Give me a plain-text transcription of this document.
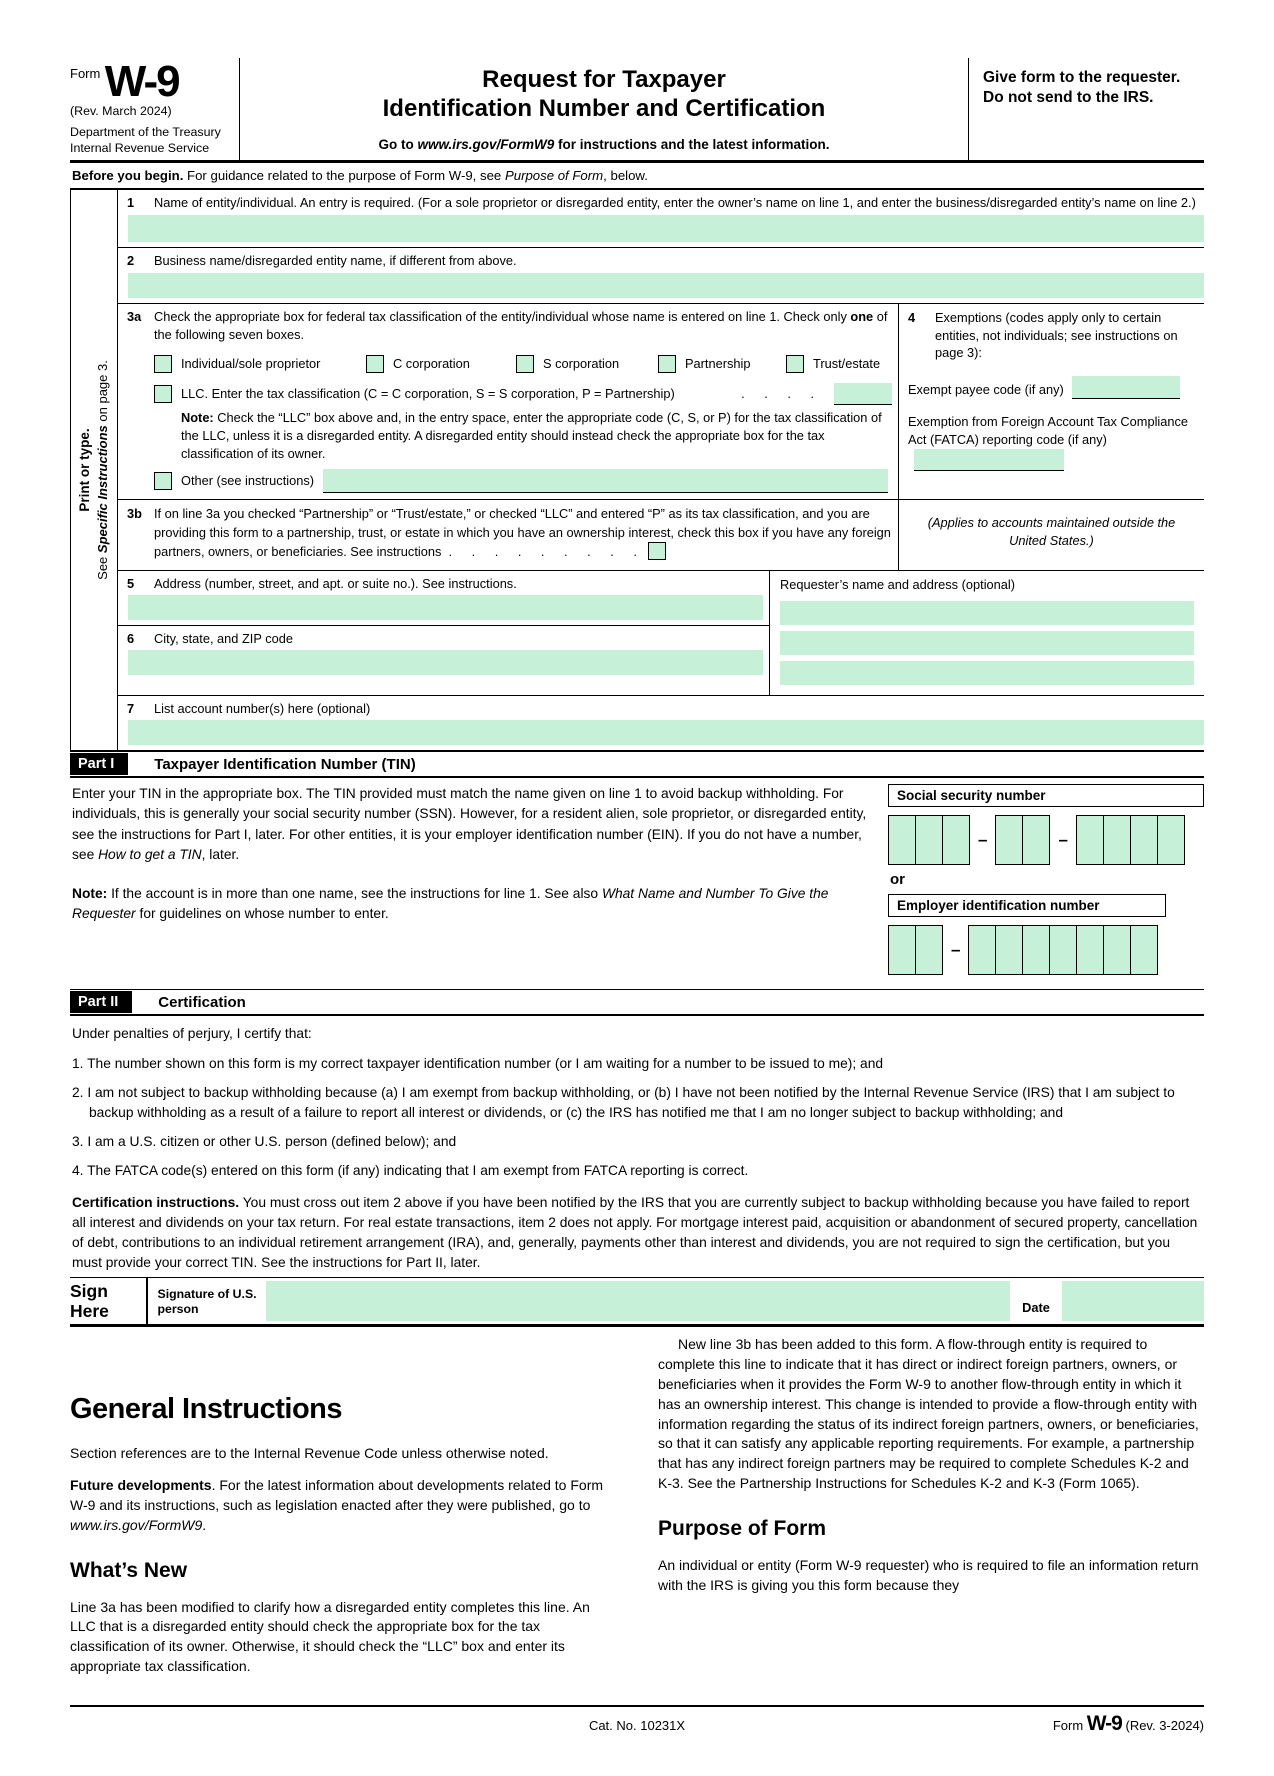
$^{Form}$ W-9
(Rev. March 2024)
Department of the Treasury
Internal Revenue Service
Request for Taxpayer
Identification Number and Certification
Go to www.irs.gov/FormW9 for instructions and the latest information.
Give form to the requester. Do not send to the IRS.
Before you begin. For guidance related to the purpose of Form W-9, see Purpose of Form, below.
Print or type.
See Specific Instructions on page 3.
1	Name of entity/individual. An entry is required. (For a sole proprietor or disregarded entity, enter the owner’s name on line 1, and enter the business/disregarded entity’s name on line 2.)
2	Business name/disregarded entity name, if different from above.
3a Check the appropriate box for federal tax classification of the entity/individual whose name is entered on line 1. Check only one of the following seven boxes.
Individual/sole proprietor	C corporation	S corporation	Partnership	Trust/estate
LLC. Enter the tax classification (C = C corporation, S = S corporation, P = Partnership)	. . . .
Note: Check the “LLC” box above and, in the entry space, enter the appropriate code (C, S, or P) for the tax classification of the LLC, unless it is a disregarded entity. A disregarded entity should instead check the appropriate box for the tax classification of its owner.
Other (see instructions)
4	Exemptions (codes apply only to certain entities, not individuals; see instructions on page 3):
Exempt payee code (if any)
Exemption from Foreign Account Tax Compliance Act (FATCA) reporting code (if any)
3b If on line 3a you checked “Partnership” or “Trust/estate,” or checked “LLC” and entered “P” as its tax classification, and you are providing this form to a partnership, trust, or estate in which you have an ownership interest, check this box if you have any foreign partners, owners, or beneficiaries. See instructions . . . . . . . . .
(Applies to accounts maintained outside the United States.)
5	Address (number, street, and apt. or suite no.). See instructions.
6	City, state, and ZIP code
Requester’s name and address (optional)
7	List account number(s) here (optional)
Part I	Taxpayer Identification Number (TIN)

Enter your TIN in the appropriate box. The TIN provided must match the name given on line 1 to avoid backup withholding. For individuals, this is generally your social security number (SSN). However, for a resident alien, sole proprietor, or disregarded entity, see the instructions for Part I, later. For other entities, it is your employer identification number (EIN). If you do not have a number, see How to get a TIN, later.

Note: If the account is in more than one name, see the instructions for line 1. See also What Name and Number To Give the Requester for guidelines on whose number to enter.

Social security number
–	–
or
Employer identification number
–
Part II	Certification

Under penalties of perjury, I certify that:

1. The number shown on this form is my correct taxpayer identification number (or I am waiting for a number to be issued to me); and

2. I am not subject to backup withholding because (a) I am exempt from backup withholding, or (b) I have not been notified by the Internal Revenue Service (IRS) that I am subject to backup withholding as a result of a failure to report all interest or dividends, or (c) the IRS has notified me that I am no longer subject to backup withholding; and

3. I am a U.S. citizen or other U.S. person (defined below); and

4. The FATCA code(s) entered on this form (if any) indicating that I am exempt from FATCA reporting is correct.

Certification instructions. You must cross out item 2 above if you have been notified by the IRS that you are currently subject to backup withholding because you have failed to report all interest and dividends on your tax return. For real estate transactions, item 2 does not apply. For mortgage interest paid, acquisition or abandonment of secured property, cancellation of debt, contributions to an individual retirement arrangement (IRA), and, generally, payments other than interest and dividends, you are not required to sign the certification, but you must provide your correct TIN. See the instructions for Part II, later.

Sign Here
Signature of U.S. person	Date
General Instructions

Section references are to the Internal Revenue Code unless otherwise noted.

Future developments. For the latest information about developments related to Form W-9 and its instructions, such as legislation enacted after they were published, go to www.irs.gov/FormW9.

What’s New

Line 3a has been modified to clarify how a disregarded entity completes this line. An LLC that is a disregarded entity should check the appropriate box for the tax classification of its owner. Otherwise, it should check the “LLC” box and enter its appropriate tax classification.

New line 3b has been added to this form. A flow-through entity is required to complete this line to indicate that it has direct or indirect foreign partners, owners, or beneficiaries when it provides the Form W-9 to another flow-through entity in which it has an ownership interest. This change is intended to provide a flow-through entity with information regarding the status of its indirect foreign partners, owners, or beneficiaries, so that it can satisfy any applicable reporting requirements. For example, a partnership that has any indirect foreign partners may be required to complete Schedules K-2 and K-3. See the Partnership Instructions for Schedules K-2 and K-3 (Form 1065).

Purpose of Form

An individual or entity (Form W-9 requester) who is required to file an information return with the IRS is giving you this form because they

Cat. No. 10231X	Form W-9 (Rev. 3-2024)
